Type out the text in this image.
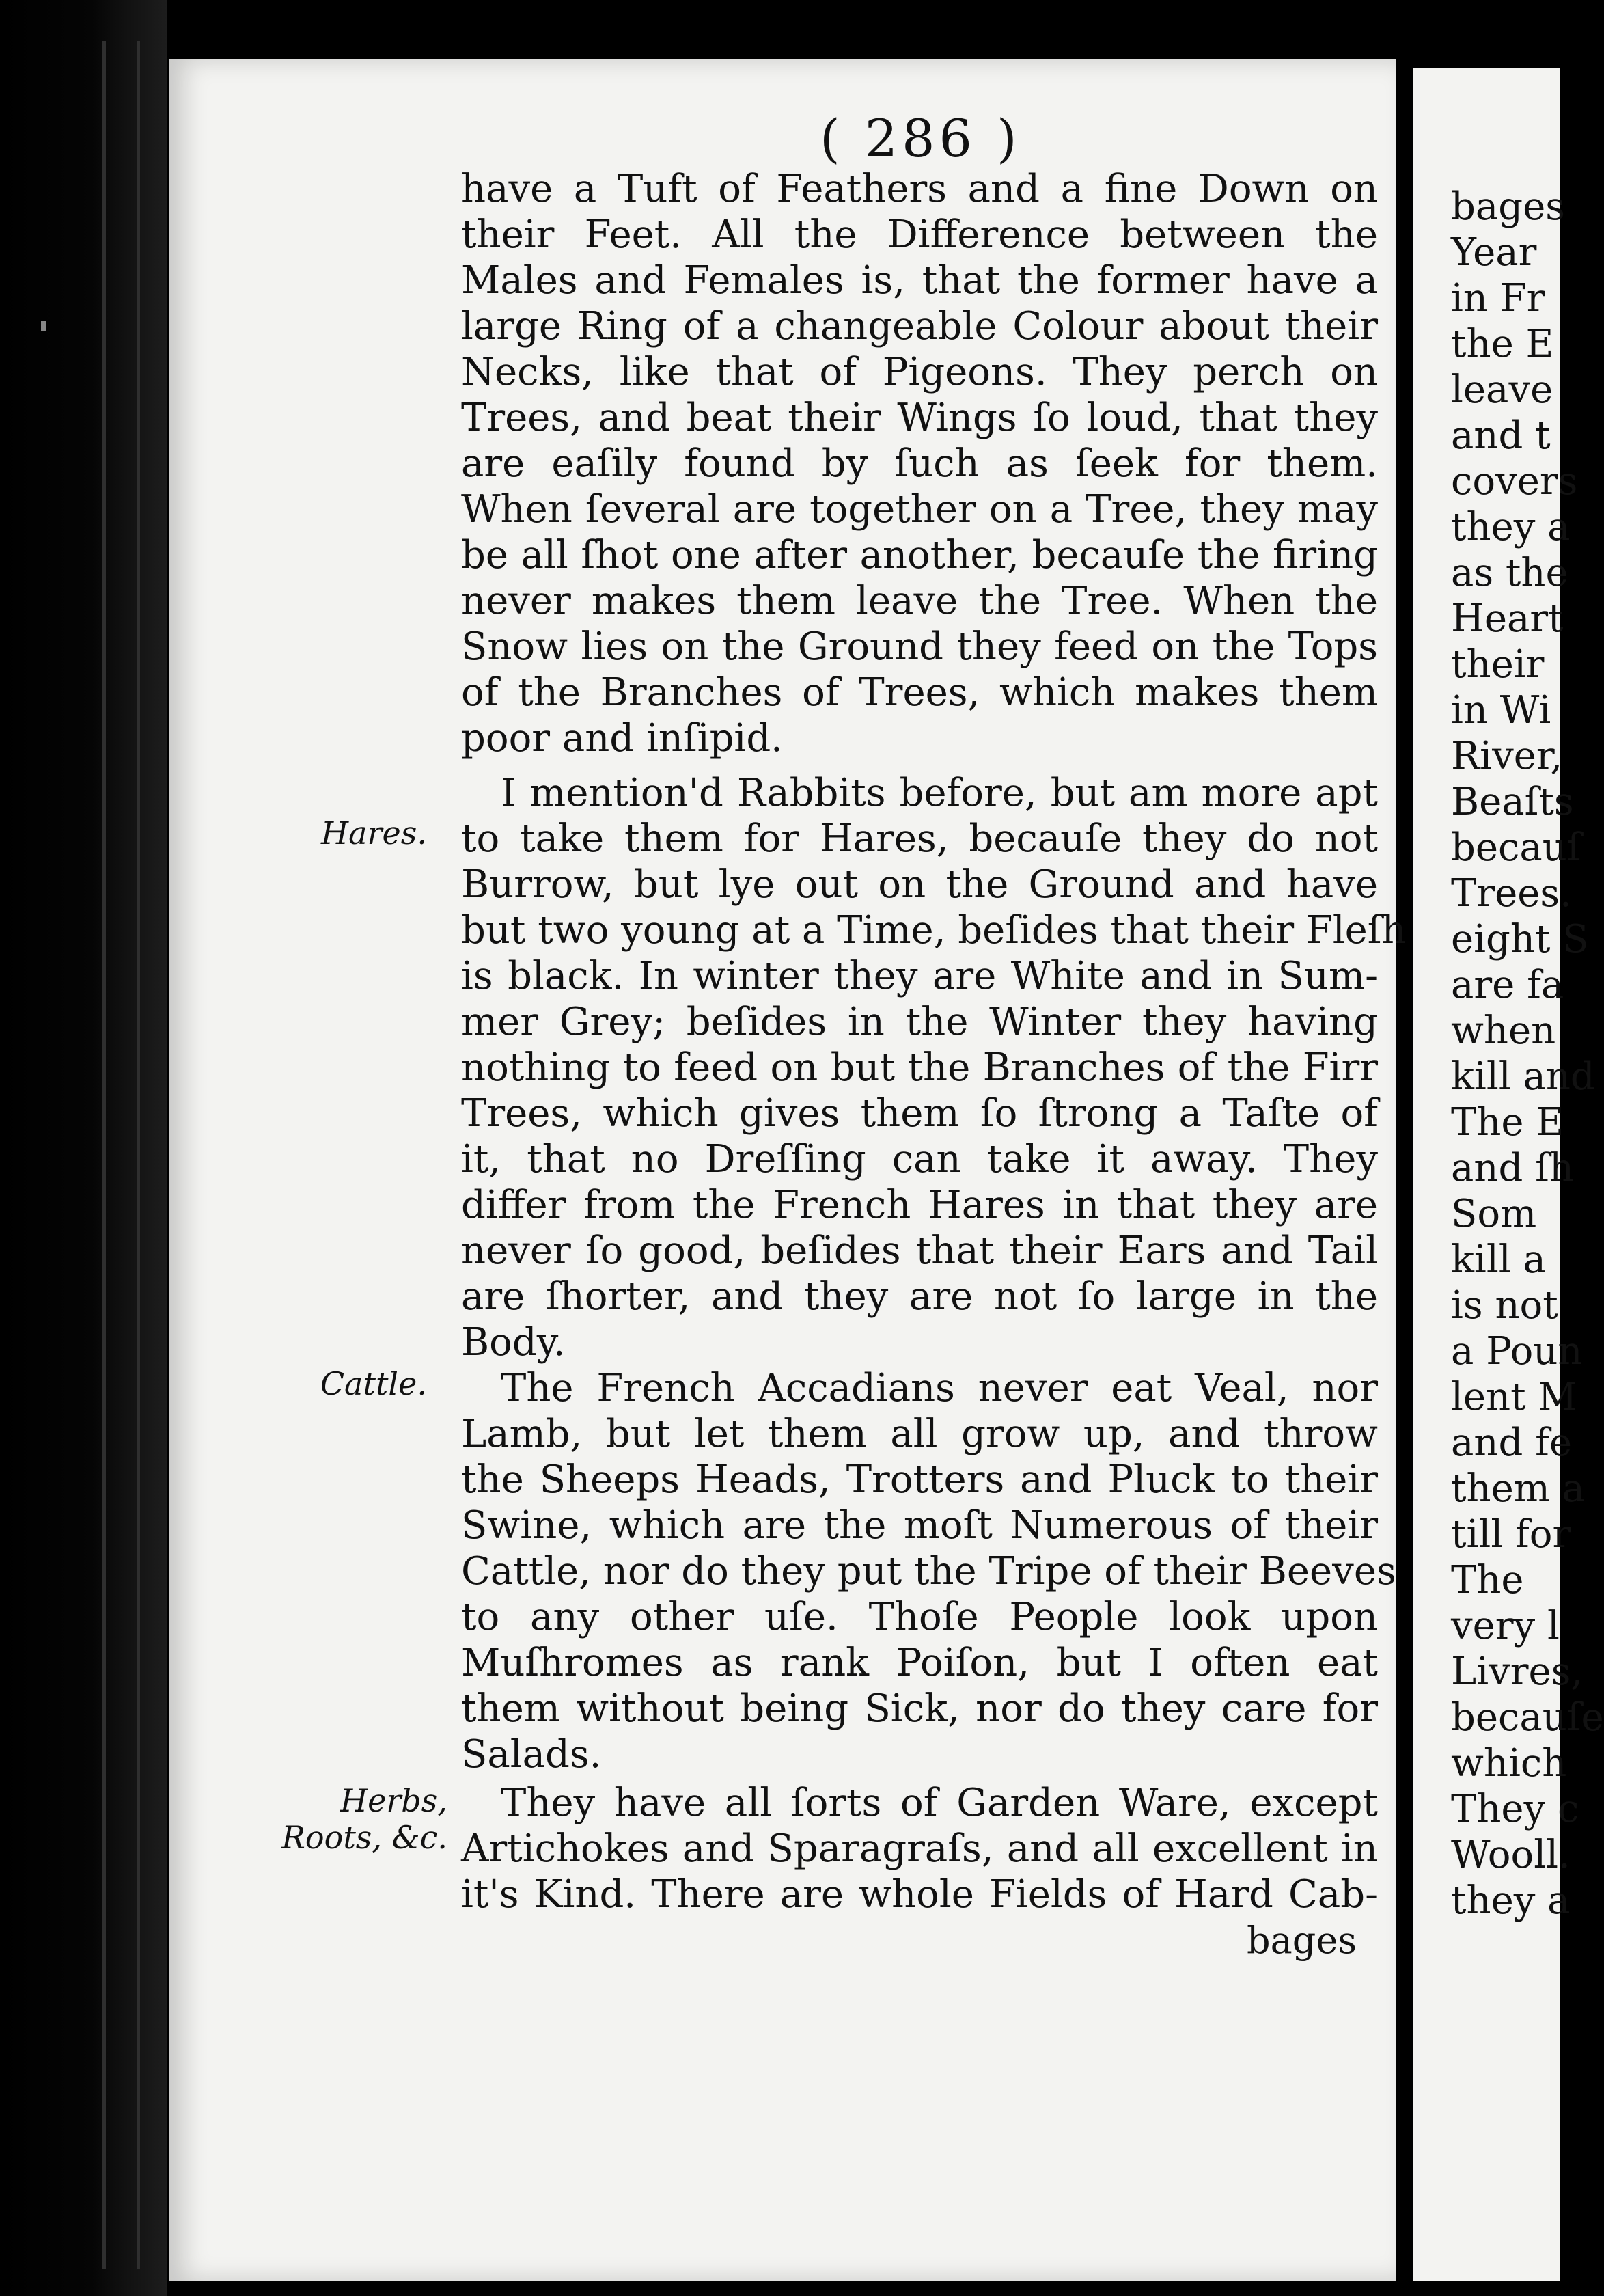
( 286 )
have a Tuft of Feathers and a fine Down on
their Feet. All the Difference between the
Males and Females is, that the former have a
large Ring of a changeable Colour about their
Necks, like that of Pigeons. They perch on
Trees, and beat their Wings ſo loud, that they
are eaſily found by ſuch as ſeek for them.
When ſeveral are together on a Tree, they may
be all ſhot one after another, becauſe the firing
never makes them leave the Tree. When the
Snow lies on the Ground they feed on the Tops
of the Branches of Trees, which makes them
poor and inſipid.
I mention'd Rabbits before, but am more apt
to take them for Hares, becauſe they do not
Burrow, but lye out on the Ground and have
but two young at a Time, beſides that their Fleſh
is black. In winter they are White and in Sum-
mer Grey; beſides in the Winter they having
nothing to feed on but the Branches of the Firr
Trees, which gives them ſo ſtrong a Taſte of
it, that no Dreſſing can take it away. They
differ from the French Hares in that they are
never ſo good, beſides that their Ears and Tail
are ſhorter, and they are not ſo large in the
Body.
The French Accadians never eat Veal, nor
Lamb, but let them all grow up, and throw
the Sheeps Heads, Trotters and Pluck to their
Swine, which are the moſt Numerous of their
Cattle, nor do they put the Tripe of their Beeves
to any other uſe. Thoſe People look upon
Muſhromes as rank Poiſon, but I often eat
them without being Sick, nor do they care for
Salads.
They have all ſorts of Garden Ware, except
Artichokes and Sparagraſs, and all excellent in
it's Kind. There are whole Fields of Hard Cab-
bages
Hares.
Cattle.
Herbs, Roots, &c.
bages
Year
in Fr
the E
leave
and t
covers
they a
as the
Heart
their
in Wi
River,
Beaſts
becauſ
Trees.
eight S
are fa
when
kill and
The E
and ſh
Som
kill a
is not
a Poun
lent M
and fe
them a
till for
The
very l
Livres,
becauſe
which
They c
Wooll.
they a
